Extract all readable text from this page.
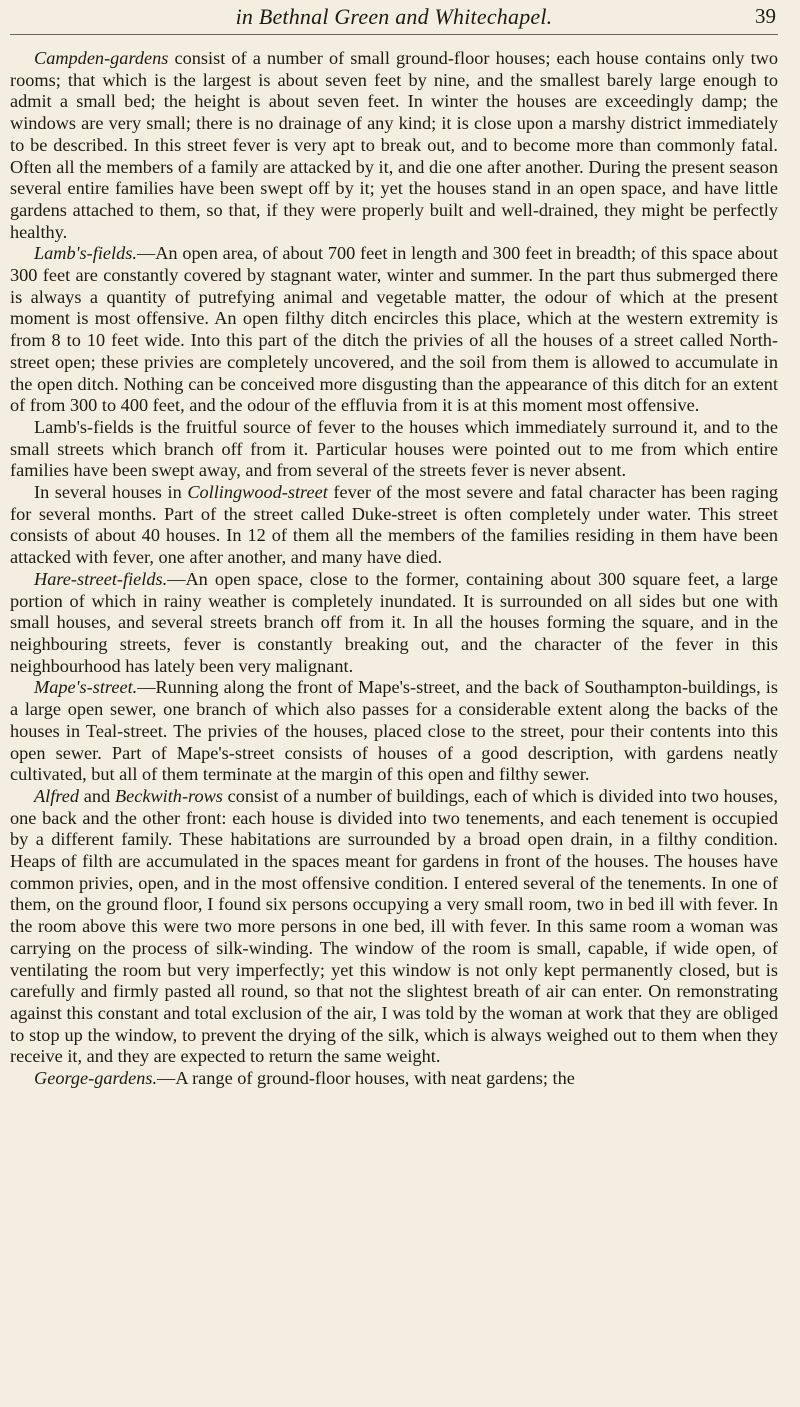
in Bethnal Green and Whitechapel.	39

Campden-gardens consist of a number of small ground-floor houses; each house contains only two rooms; that which is the largest is about seven feet by nine, and the smallest barely large enough to admit a small bed; the height is about seven feet. In winter the houses are exceedingly damp; the windows are very small; there is no drainage of any kind; it is close upon a marshy district immediately to be described. In this street fever is very apt to break out, and to become more than commonly fatal. Often all the members of a family are attacked by it, and die one after another. During the present season several entire families have been swept off by it; yet the houses stand in an open space, and have little gardens attached to them, so that, if they were properly built and well-drained, they might be perfectly healthy.

Lamb's-fields.—An open area, of about 700 feet in length and 300 feet in breadth; of this space about 300 feet are constantly covered by stagnant water, winter and summer. In the part thus submerged there is always a quantity of putrefying animal and vegetable matter, the odour of which at the present moment is most offensive. An open filthy ditch encircles this place, which at the western extremity is from 8 to 10 feet wide. Into this part of the ditch the privies of all the houses of a street called North-street open; these privies are completely uncovered, and the soil from them is allowed to accumulate in the open ditch. Nothing can be conceived more disgusting than the appearance of this ditch for an extent of from 300 to 400 feet, and the odour of the effluvia from it is at this moment most offensive.

Lamb's-fields is the fruitful source of fever to the houses which immediately surround it, and to the small streets which branch off from it. Particular houses were pointed out to me from which entire families have been swept away, and from several of the streets fever is never absent.

In several houses in Collingwood-street fever of the most severe and fatal character has been raging for several months. Part of the street called Duke-street is often completely under water. This street consists of about 40 houses. In 12 of them all the members of the families residing in them have been attacked with fever, one after another, and many have died.

Hare-street-fields.—An open space, close to the former, containing about 300 square feet, a large portion of which in rainy weather is completely inundated. It is surrounded on all sides but one with small houses, and several streets branch off from it. In all the houses forming the square, and in the neighbouring streets, fever is constantly breaking out, and the character of the fever in this neighbourhood has lately been very malignant.

Mape's-street.—Running along the front of Mape's-street, and the back of Southampton-buildings, is a large open sewer, one branch of which also passes for a considerable extent along the backs of the houses in Teal-street. The privies of the houses, placed close to the street, pour their contents into this open sewer. Part of Mape's-street consists of houses of a good description, with gardens neatly cultivated, but all of them terminate at the margin of this open and filthy sewer.

Alfred and Beckwith-rows consist of a number of buildings, each of which is divided into two houses, one back and the other front: each house is divided into two tenements, and each tenement is occupied by a different family. These habitations are surrounded by a broad open drain, in a filthy condition. Heaps of filth are accumulated in the spaces meant for gardens in front of the houses. The houses have common privies, open, and in the most offensive condition. I entered several of the tenements. In one of them, on the ground floor, I found six persons occupying a very small room, two in bed ill with fever. In the room above this were two more persons in one bed, ill with fever. In this same room a woman was carrying on the process of silk-winding. The window of the room is small, capable, if wide open, of ventilating the room but very imperfectly; yet this window is not only kept permanently closed, but is carefully and firmly pasted all round, so that not the slightest breath of air can enter. On remonstrating against this constant and total exclusion of the air, I was told by the woman at work that they are obliged to stop up the window, to prevent the drying of the silk, which is always weighed out to them when they receive it, and they are expected to return the same weight.

George-gardens.—A range of ground-floor houses, with neat gardens; the
